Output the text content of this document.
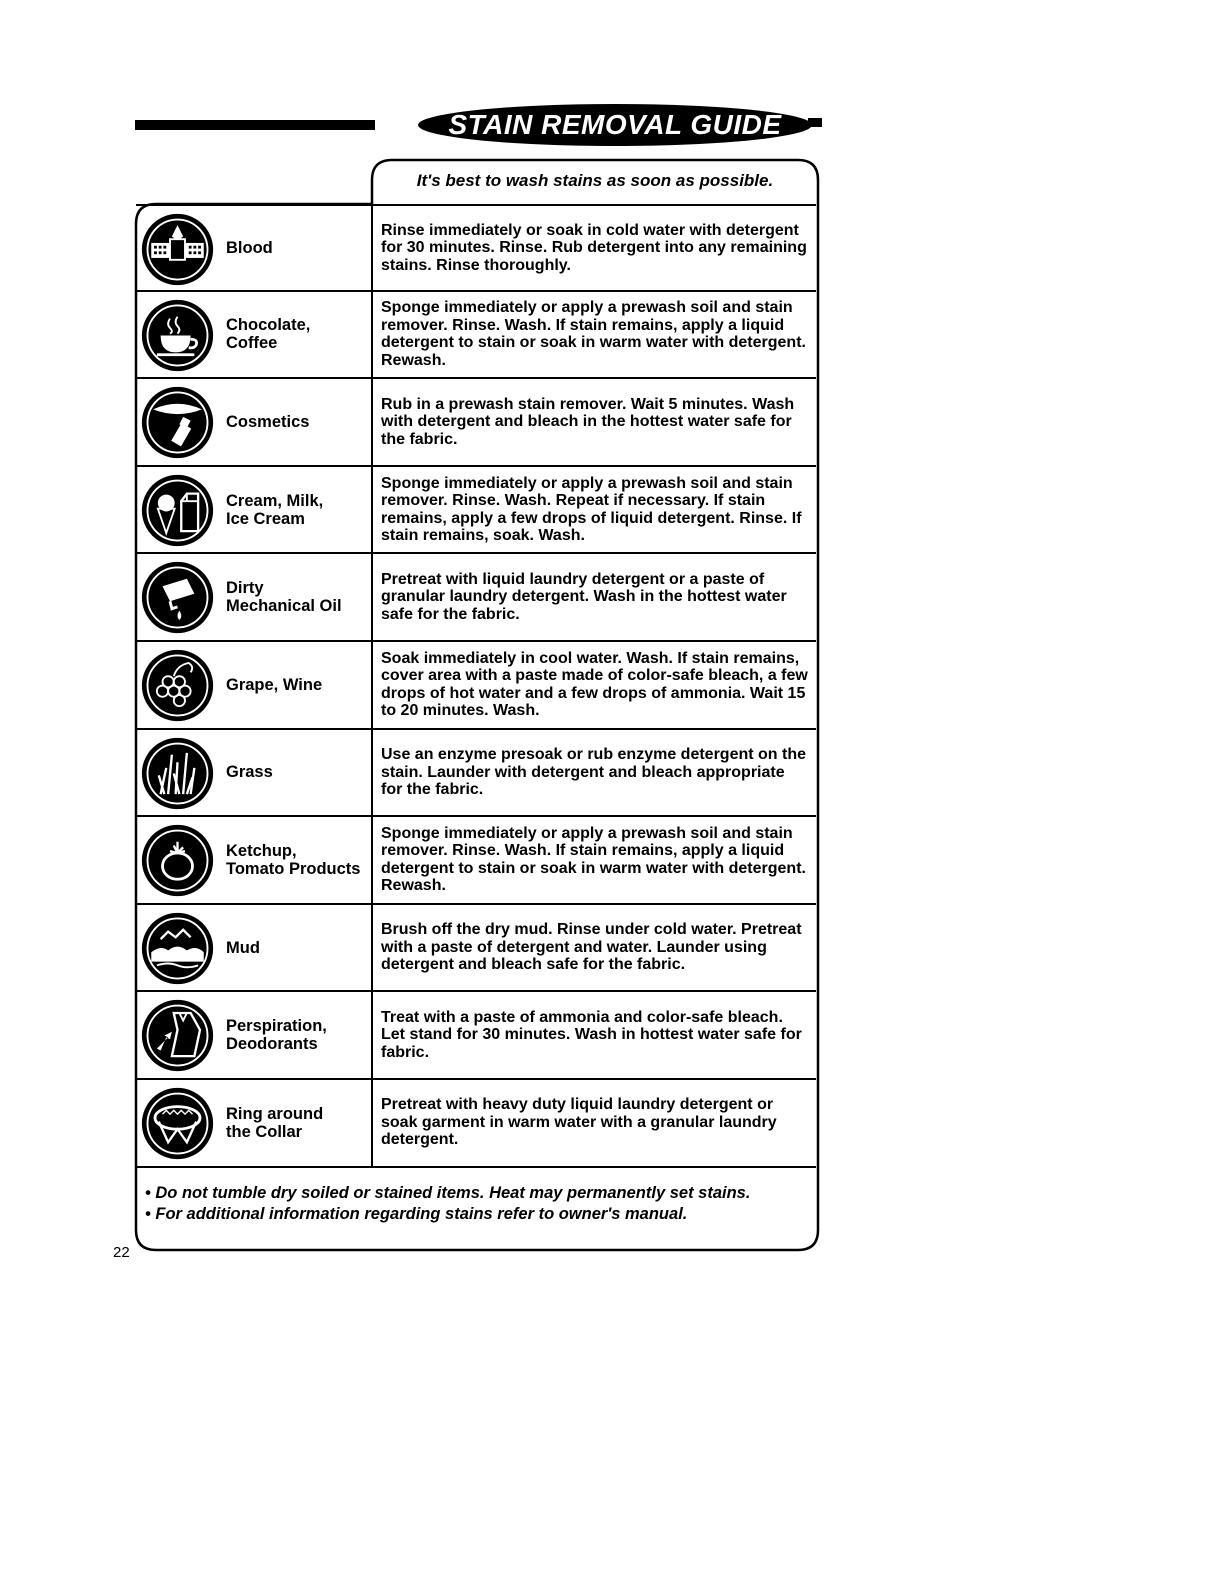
STAIN REMOVAL GUIDE
It's best to wash stains as soon as possible.
Blood
Rinse immediately or soak in cold water with detergent for 30 minutes. Rinse. Rub detergent into any remaining stains. Rinse thoroughly.
Chocolate,
Coffee
Sponge immediately or apply a prewash soil and stain remover. Rinse. Wash. If stain remains, apply a liquid detergent to stain or soak in warm water with detergent. Rewash.
Cosmetics
Rub in a prewash stain remover. Wait 5 minutes. Wash with detergent and bleach in the hottest water safe for the fabric.
Cream, Milk,
Ice Cream
Sponge immediately or apply a prewash soil and stain remover. Rinse. Wash. Repeat if necessary. If stain remains, apply a few drops of liquid detergent. Rinse. If stain remains, soak. Wash.
Dirty
Mechanical Oil
Pretreat with liquid laundry detergent or a paste of granular laundry detergent. Wash in the hottest water safe for the fabric.
Grape, Wine
Soak immediately in cool water. Wash. If stain remains, cover area with a paste made of color-safe bleach, a few drops of hot water and a few drops of ammonia. Wait 15 to 20 minutes. Wash.
Grass
Use an enzyme presoak or rub enzyme detergent on the stain. Launder with detergent and bleach appropriate for the fabric.
Ketchup,
Tomato Products
Sponge immediately or apply a prewash soil and stain remover. Rinse. Wash. If stain remains, apply a liquid detergent to stain or soak in warm water with detergent. Rewash.
Mud
Brush off the dry mud. Rinse under cold water. Pretreat with a paste of detergent and water. Launder using detergent and bleach safe for the fabric.
Perspiration,
Deodorants
Treat with a paste of ammonia and color-safe bleach. Let stand for 30 minutes. Wash in hottest water safe for fabric.
Ring around
the Collar
Pretreat with heavy duty liquid laundry detergent or soak garment in warm water with a granular laundry detergent.
• Do not tumble dry soiled or stained items. Heat may permanently set stains.
• For additional information regarding stains refer to owner's manual.
22
